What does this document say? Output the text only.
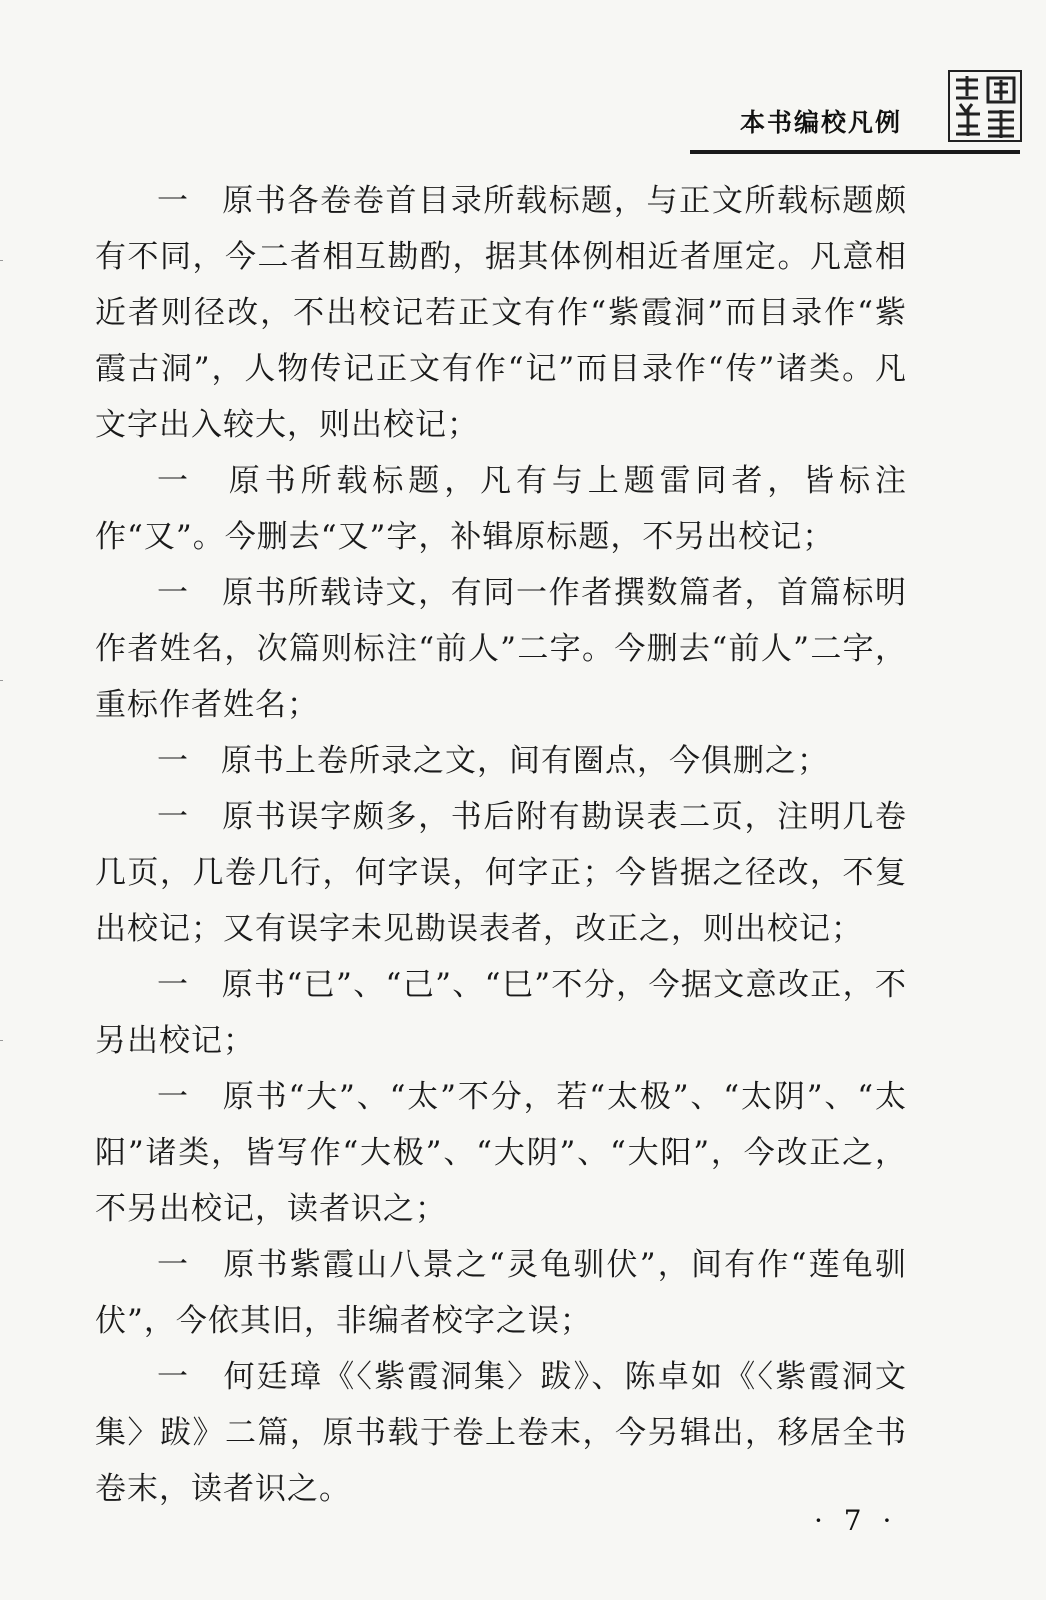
本书编校凡例

一　原书各卷卷首目录所载标题，与正文所载标题颇有不同，今二者相互勘酌，据其体例相近者厘定。凡意相近者则径改，不出校记若正文有作“紫霞洞”而目录作“紫霞古洞”，人物传记正文有作“记”而目录作“传”诸类。凡文字出入较大，则出校记；

一　原书所载标题，凡有与上题雷同者，皆标注作“又”。今删去“又”字，补辑原标题，不另出校记；

一　原书所载诗文，有同一作者撰数篇者，首篇标明作者姓名，次篇则标注“前人”二字。今删去“前人”二字，重标作者姓名；

一　原书上卷所录之文，间有圈点，今俱删之；

一　原书误字颇多，书后附有勘误表二页，注明几卷几页，几卷几行，何字误，何字正；今皆据之径改，不复出校记；又有误字未见勘误表者，改正之，则出校记；

一　原书“已”、“己”、“巳”不分，今据文意改正，不另出校记；

一　原书“大”、“太”不分，若“太极”、“太阴”、“太阳”诸类，皆写作“大极”、“大阴”、“大阳”，今改正之，不另出校记，读者识之；

一　原书紫霞山八景之“灵龟驯伏”，间有作“莲龟驯伏”，今依其旧，非编者校字之误；

一　何廷璋《〈紫霞洞集〉跋》、陈卓如《〈紫霞洞文集〉跋》二篇，原书载于卷上卷末，今另辑出，移居全书卷末，读者识之。

· 7 ·
